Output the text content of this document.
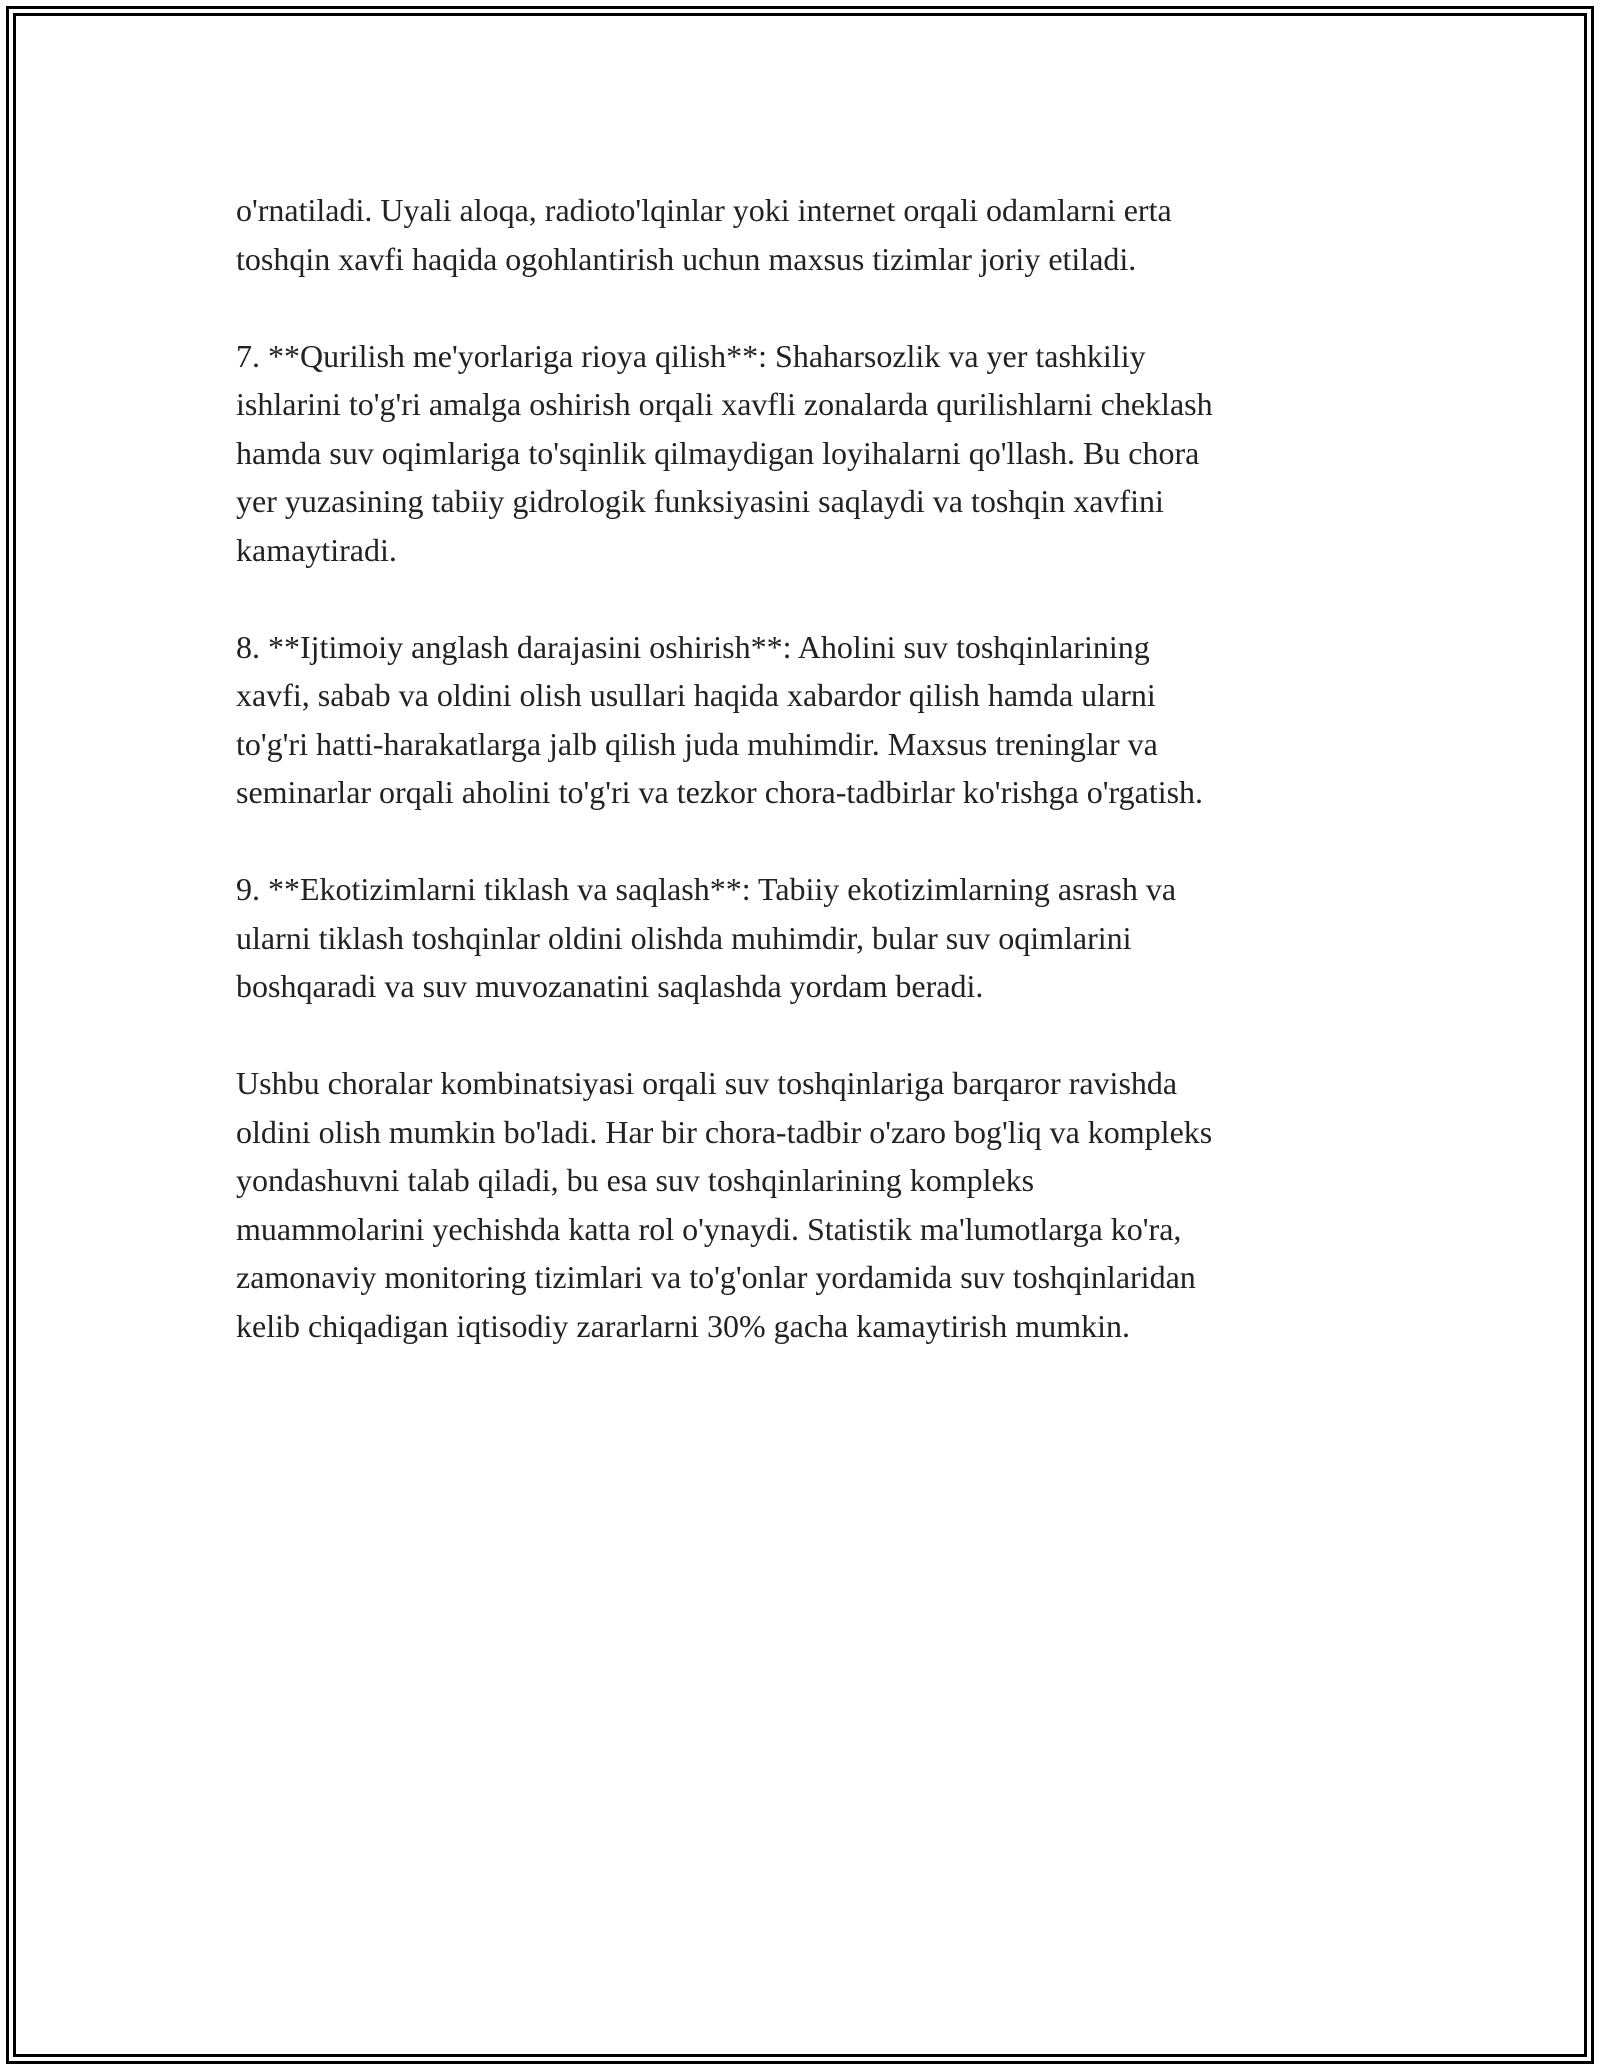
o'rnatiladi. Uyali aloqa, radioto'lqinlar yoki internet orqali odamlarni erta
toshqin xavfi haqida ogohlantirish uchun maxsus tizimlar joriy etiladi.

7. **Qurilish me'yorlariga rioya qilish**: Shaharsozlik va yer tashkiliy
ishlarini to'g'ri amalga oshirish orqali xavfli zonalarda qurilishlarni cheklash
hamda suv oqimlariga to'sqinlik qilmaydigan loyihalarni qo'llash. Bu chora
yer yuzasining tabiiy gidrologik funksiyasini saqlaydi va toshqin xavfini
kamaytiradi.

8. **Ijtimoiy anglash darajasini oshirish**: Aholini suv toshqinlarining
xavfi, sabab va oldini olish usullari haqida xabardor qilish hamda ularni
to'g'ri hatti-harakatlarga jalb qilish juda muhimdir. Maxsus treninglar va
seminarlar orqali aholini to'g'ri va tezkor chora-tadbirlar ko'rishga o'rgatish.

9. **Ekotizimlarni tiklash va saqlash**: Tabiiy ekotizimlarning asrash va
ularni tiklash toshqinlar oldini olishda muhimdir, bular suv oqimlarini
boshqaradi va suv muvozanatini saqlashda yordam beradi.

Ushbu choralar kombinatsiyasi orqali suv toshqinlariga barqaror ravishda
oldini olish mumkin bo'ladi. Har bir chora-tadbir o'zaro bog'liq va kompleks
yondashuvni talab qiladi, bu esa suv toshqinlarining kompleks
muammolarini yechishda katta rol o'ynaydi. Statistik ma'lumotlarga ko'ra,
zamonaviy monitoring tizimlari va to'g'onlar yordamida suv toshqinlaridan
kelib chiqadigan iqtisodiy zararlarni 30% gacha kamaytirish mumkin.
